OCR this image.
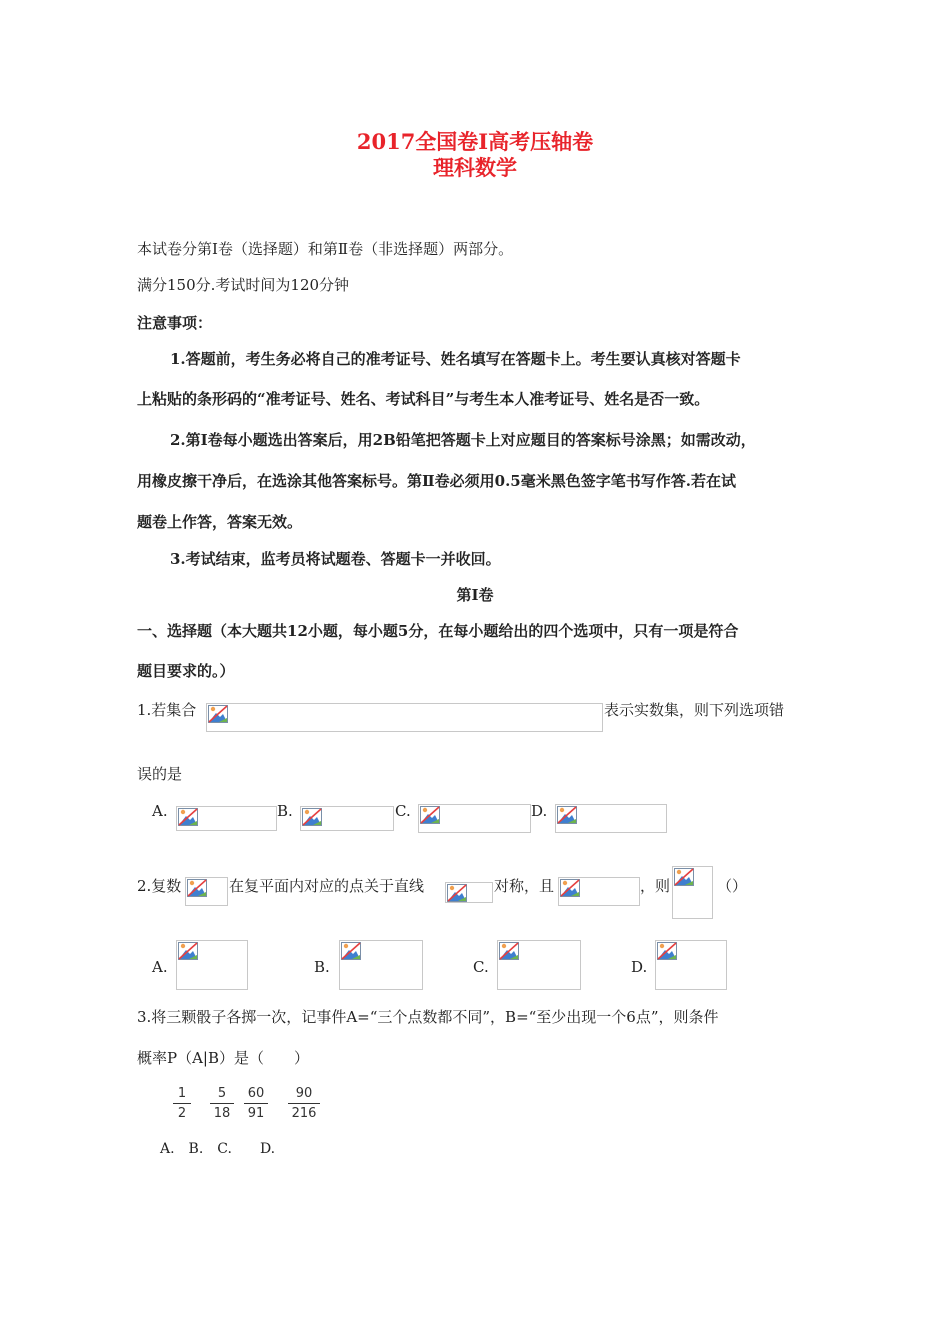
2017全国卷Ⅰ高考压轴卷
理科数学
本试卷分第Ⅰ卷（选择题）和第Ⅱ卷（非选择题）两部分。
满分150分.考试时间为120分钟
注意事项：
1.答题前，考生务必将自己的准考证号、姓名填写在答题卡上。考生要认真核对答题卡
上粘贴的条形码的“准考证号、姓名、考试科目”与考生本人准考证号、姓名是否一致。
2.第Ⅰ卷每小题选出答案后，用2B铅笔把答题卡上对应题目的答案标号涂黑；如需改动，
用橡皮擦干净后，在选涂其他答案标号。第Ⅱ卷必须用0.5毫米黑色签字笔书写作答.若在试
题卷上作答，答案无效。
3.考试结束，监考员将试题卷、答题卡一并收回。
第Ⅰ卷
一、选择题（本大题共12小题，每小题5分，在每小题给出的四个选项中，只有一项是符合
题目要求的。）
1.若集合	表示实数集，则下列选项错
误的是
A.	B.	C.	D.
2.复数	在复平面内对应的点关于直线	对称，且	，则	（）
A.	B.	C.	D.
3.将三颗骰子各掷一次，记事件A=“三个点数都不同”，B=“至少出现一个6点”，则条件
概率P（A|B）是（　　）
1
2
5
18
60
91
90
216
A.　B.　C.　　D.
